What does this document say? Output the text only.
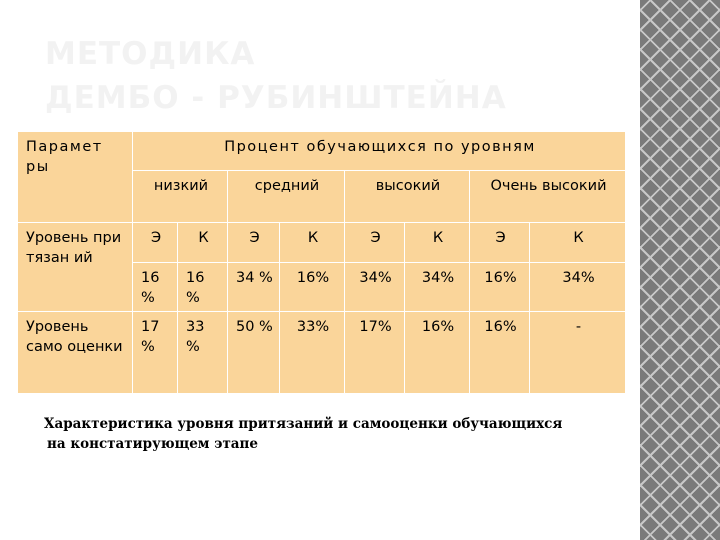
МЕТОДИКА
ДЕМБО - РУБИНШТЕЙНА
Парамет ры	Процент обучающихся по уровням							
	низкий		средний		высокий		Очень высокий	
Уровень притязан ий	Э	К	Э	К	Э	К	Э	К
	16 %	16 %	34 %	16%	34%	34%	16%	34%
Уровень само оценки	17 %	33 %	50 %	33%	17%	16%	16%	-
Характеристика уровня притязаний и самооценки обучающихся
на констатирующем этапе
